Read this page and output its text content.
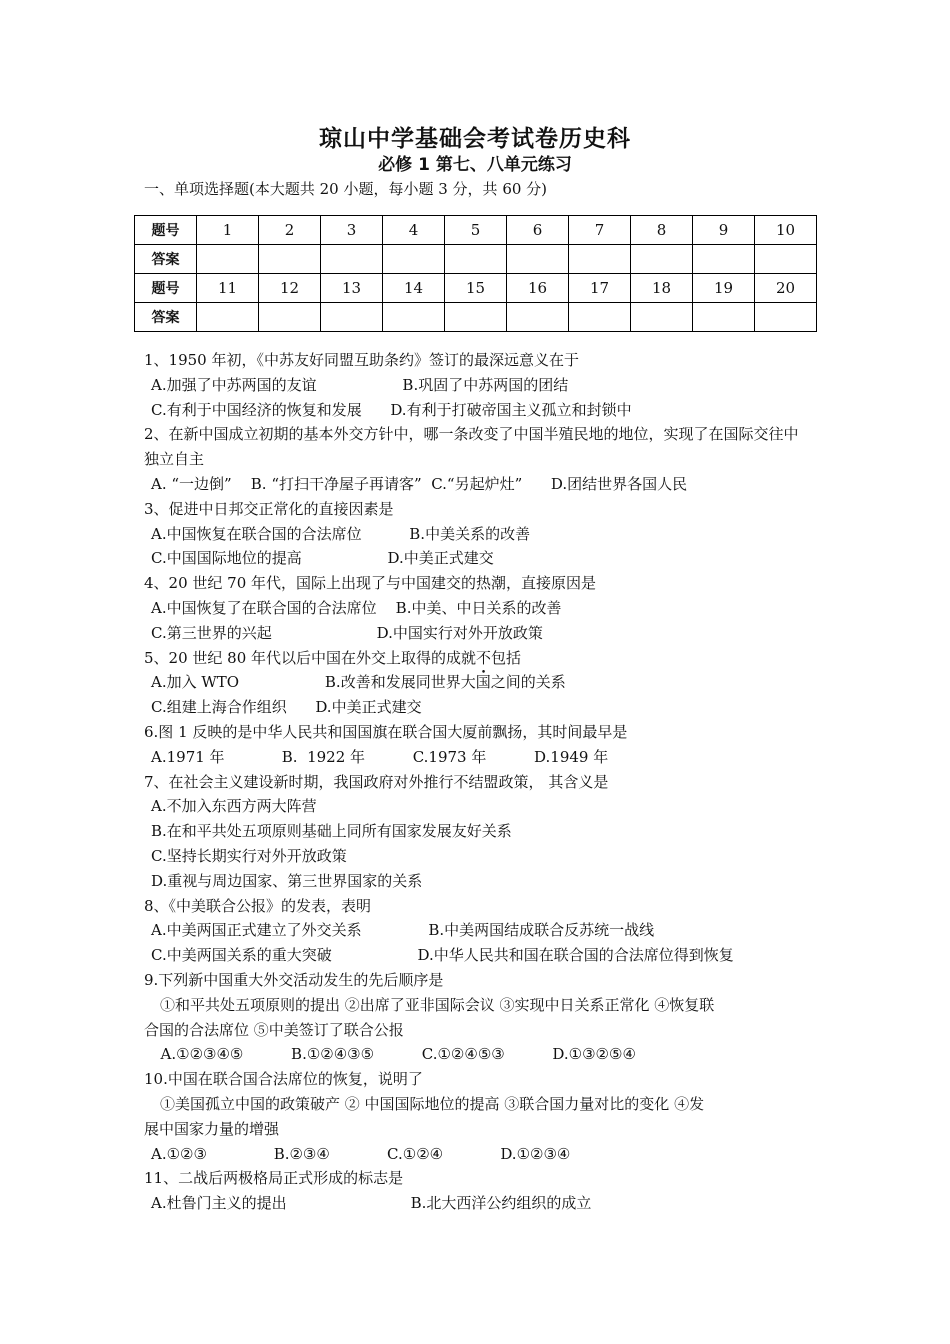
琼山中学基础会考试卷历史科
必修 1 第七、八单元练习
一、单项选择题(本大题共 20 小题，每小题 3 分，共 60 分)
题号	1	2	3	4	5	6	7	8	9	10
答案										
题号	11	12	13	14	15	16	17	18	19	20
答案										

1、1950 年初，《中苏友好同盟互助条约》签订的最深远意义在于

A.加强了中苏两国的友谊                  B.巩固了中苏两国的团结

C.有利于中国经济的恢复和发展      D.有利于打破帝国主义孤立和封锁中

2、在新中国成立初期的基本外交方针中，哪一条改变了中国半殖民地的地位，实现了在国际交往中独立自主

A. “一边倒”    B. “打扫干净屋子再请客”  C.“另起炉灶”      D.团结世界各国人民

3、促进中日邦交正常化的直接因素是

A.中国恢复在联合国的合法席位          B.中美关系的改善

C.中国国际地位的提高                  D.中美正式建交

4、20 世纪 70 年代，国际上出现了与中国建交的热潮，直接原因是

A.中国恢复了在联合国的合法席位    B.中美、中日关系的改善

C.第三世界的兴起                      D.中国实行对外开放政策

5、20 世纪 80 年代以后中国在外交上取得的成就不包括

A.加入 WTO                  B.改善和发展同世界大国之间的关系

C.组建上海合作组织      D.中美正式建交

6.图 1 反映的是中华人民共和国国旗在联合国大厦前飘扬，其时间最早是

A.1971 年            B.  1922 年          C.1973 年          D.1949 年

7、在社会主义建设新时期，我国政府对外推行不结盟政策， 其含义是

A.不加入东西方两大阵营

B.在和平共处五项原则基础上同所有国家发展友好关系

C.坚持长期实行对外开放政策

D.重视与周边国家、第三世界国家的关系

8、《中美联合公报》的发表，表明

A.中美两国正式建立了外交关系              B.中美两国结成联合反苏统一战线

C.中美两国关系的重大突破                  D.中华人民共和国在联合国的合法席位得到恢复

9.下列新中国重大外交活动发生的先后顺序是

①和平共处五项原则的提出 ②出席了亚非国际会议 ③实现中日关系正常化 ④恢复联

合国的合法席位 ⑤中美签订了联合公报

A.①②③④⑤          B.①②④③⑤          C.①②④⑤③          D.①③②⑤④

10.中国在联合国合法席位的恢复，说明了

①美国孤立中国的政策破产 ② 中国国际地位的提高 ③联合国力量对比的变化 ④发

展中国家力量的增强

A.①②③              B.②③④            C.①②④            D.①②③④

11、二战后两极格局正式形成的标志是

A.杜鲁门主义的提出                          B.北大西洋公约组织的成立
